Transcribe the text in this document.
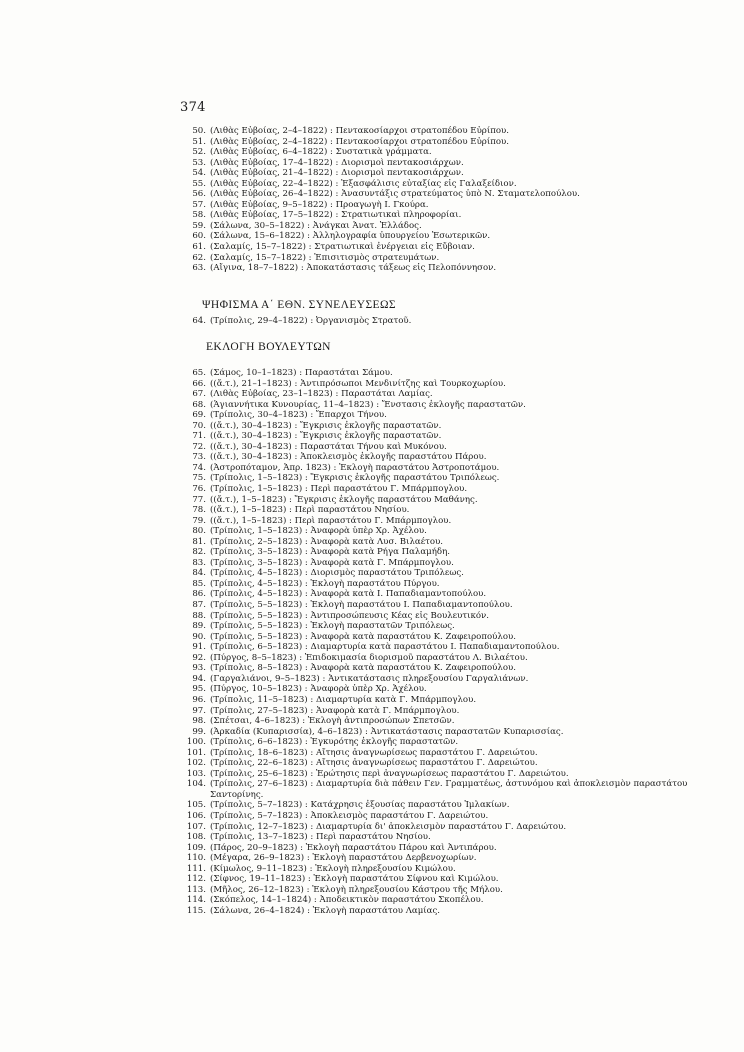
374
50. (Λιθὰς Εὐβοίας, 2–4–1822) : Πεντακοσίαρχοι στρατοπέδου Εὐρίπου.
51. (Λιθὰς Εὐβοίας, 2–4–1822) : Πεντακοσίαρχοι στρατοπέδου Εὐρίπου.
52. (Λιθὰς Εὐβοίας, 6–4–1822) : Συστατικὰ γράμματα.
53. (Λιθὰς Εὐβοίας, 17–4–1822) : Διορισμοὶ πεντακοσιάρχων.
54. (Λιθὰς Εὐβοίας, 21–4–1822) : Διορισμοὶ πεντακοσιάρχων.
55. (Λιθὰς Εὐβοίας, 22–4–1822) : Ἐξασφάλισις εὐταξίας εἰς Γαλαξείδιον.
56. (Λιθὰς Εὐβοίας, 26–4–1822) : Ἀνασυντάξις στρατεύματος ὑπὸ Ν. Σταματελοπούλου.
57. (Λιθὰς Εὐβοίας, 9–5–1822) : Προαγωγὴ Ι. Γκούρα.
58. (Λιθὰς Εὐβοίας, 17–5–1822) : Στρατιωτικαὶ πληροφορίαι.
59. (Σάλωνα, 30–5–1822) : Ἀνάγκαι Ἀνατ. Ἑλλάδος.
60. (Σάλωνα, 15–6–1822) : Ἀλληλογραφία ὑπουργείου Ἐσωτερικῶν.
61. (Σαλαμίς, 15–7–1822) : Στρατιωτικαὶ ἐνέργειαι εἰς Εὔβοιαν.
62. (Σαλαμίς, 15–7–1822) : Ἐπισιτισμὸς στρατευμάτων.
63. (Αἴγινα, 18–7–1822) : Ἀποκατάστασις τάξεως εἰς Πελοπόννησον.
ΨΗΦΙΣΜΑ Α΄ ΕΘΝ. ΣΥΝΕΛΕΥΣΕΩΣ
64. (Τρίπολις, 29–4–1822) : Ὀργανισμὸς Στρατοῦ.
ΕΚΛΟΓΗ ΒΟΥΛΕΥΤΩΝ
65. (Σάμος, 10–1–1823) : Παραστάται Σάμου.
66. ((ἄ.τ.), 21–1–1823) : Ἀντιπρόσωποι Μενδινίτζης καὶ Τουρκοχωρίου.
67. (Λιθὰς Εὐβοίας, 23–1–1823) : Παραστάται Λαμίας.
68. (Ἁγιαννήτικα Κυνουρίας, 11–4–1823) : Ἔνστασις ἐκλογῆς παραστατῶν.
69. (Τρίπολις, 30–4–1823) : Ἔπαρχοι Τήνου.
70. ((ἄ.τ.), 30–4–1823) : Ἔγκρισις ἐκλογῆς παραστατῶν.
71. ((ἄ.τ.), 30–4–1823) : Ἔγκρισις ἐκλογῆς παραστατῶν.
72. ((ἄ.τ.), 30–4–1823) : Παραστάται Τήνου καὶ Μυκόνου.
73. ((ἄ.τ.), 30–4–1823) : Ἀποκλεισμὸς ἐκλογῆς παραστάτου Πάρου.
74. (Ἀστροπόταμον, Ἀπρ. 1823) : Ἐκλογὴ παραστάτου Ἀστροποτάμου.
75. (Τρίπολις, 1–5–1823) : Ἔγκρισις ἐκλογῆς παραστάτου Τριπόλεως.
76. (Τρίπολις, 1–5–1823) : Περὶ παραστάτου Γ. Μπάρμπογλου.
77. ((ἄ.τ.), 1–5–1823) : Ἔγκρισις ἐκλογῆς παραστάτου Μαθάνης.
78. ((ἄ.τ.), 1–5–1823) : Περὶ παραστάτου Νησίου.
79. ((ἄ.τ.), 1–5–1823) : Περὶ παραστάτου Γ. Μπάρμπογλου.
80. (Τρίπολις, 1–5–1823) : Ἀναφορὰ ὑπὲρ Χρ. Ἀχέλου.
81. (Τρίπολις, 2–5–1823) : Ἀναφορὰ κατὰ Λυσ. Βιλαέτου.
82. (Τρίπολις, 3–5–1823) : Ἀναφορὰ κατὰ Ρήγα Παλαμήδη.
83. (Τρίπολις, 3–5–1823) : Ἀναφορὰ κατὰ Γ. Μπάρμπογλου.
84. (Τρίπολις, 4–5–1823) : Διορισμὸς παραστάτου Τριπόλεως.
85. (Τρίπολις, 4–5–1823) : Ἐκλογὴ παραστάτου Πύργου.
86. (Τρίπολις, 4–5–1823) : Ἀναφορὰ κατὰ Ι. Παπαδιαμαντοπούλου.
87. (Τρίπολις, 5–5–1823) : Ἐκλογὴ παραστάτου Ι. Παπαδιαμαντοπούλου.
88. (Τρίπολις, 5–5–1823) : Ἀντιπροσώπευσις Κέας εἰς Βουλευτικόν.
89. (Τρίπολις, 5–5–1823) : Ἐκλογὴ παραστατῶν Τριπόλεως.
90. (Τρίπολις, 5–5–1823) : Ἀναφορὰ κατὰ παραστάτου Κ. Ζαφειροπούλου.
91. (Τρίπολις, 6–5–1823) : Διαμαρτυρία κατὰ παραστάτου Ι. Παπαδιαμαντοπούλου.
92. (Πύργος, 8–5–1823) : Ἐπιδοκιμασία διορισμοῦ παραστάτου Λ. Βιλαέτου.
93. (Τρίπολις, 8–5–1823) : Ἀναφορὰ κατὰ παραστάτου Κ. Ζαφειροπούλου.
94. (Γαργαλιάνοι, 9–5–1823) : Ἀντικατάστασις πληρεξουσίου Γαργαλιάνων.
95. (Πύργος, 10–5–1823) : Ἀναφορὰ ὑπὲρ Χρ. Ἀχέλου.
96. (Τρίπολις, 11–5–1823) : Διαμαρτυρία κατὰ Γ. Μπάρμπογλου.
97. (Τρίπολις, 27–5–1823) : Ἀναφορὰ κατὰ Γ. Μπάρμπογλου.
98. (Σπέτσαι, 4–6–1823) : Ἐκλογὴ ἀντιπροσώπων Σπετσῶν.
99. (Ἀρκαδία (Κυπαρισσία), 4–6–1823) : Ἀντικατάστασις παραστατῶν Κυπαρισσίας.
100. (Τρίπολις, 6–6–1823) : Ἐγκυρότης ἐκλογῆς παραστατῶν.
101. (Τρίπολις, 18–6–1823) : Αἴτησις ἀναγνωρίσεως παραστάτου Γ. Δαρειώτου.
102. (Τρίπολις, 22–6–1823) : Αἴτησις ἀναγνωρίσεως παραστάτου Γ. Δαρειώτου.
103. (Τρίπολις, 25–6–1823) : Ἐρώτησις περὶ ἀναγνωρίσεως παραστάτου Γ. Δαρειώτου.
104. (Τρίπολις, 27–6–1823) : Διαμαρτυρία διὰ πάθειν Γεν. Γραμματέως, ἀστυνόμου καὶ ἀποκλεισμὸν παραστάτου Σαντορίνης.
105. (Τρίπολις, 5–7–1823) : Κατάχρησις ἐξουσίας παραστάτου Ἰμλακίων.
106. (Τρίπολις, 5–7–1823) : Ἀποκλεισμὸς παραστάτου Γ. Δαρειώτου.
107. (Τρίπολις, 12–7–1823) : Διαμαρτυρία δι' ἀποκλεισμὸν παραστάτου Γ. Δαρειώτου.
108. (Τρίπολις, 13–7–1823) : Περὶ παραστάτου Νησίου.
109. (Πάρος, 20–9–1823) : Ἐκλογὴ παραστάτου Πάρου καὶ Ἀντιπάρου.
110. (Μέγαρα, 26–9–1823) : Ἐκλογὴ παραστάτου Δερβενοχωρίων.
111. (Κίμωλος, 9–11–1823) : Ἐκλογὴ πληρεξουσίου Κιμώλου.
112. (Σίφνος, 19–11–1823) : Ἐκλογὴ παραστάτου Σίφνου καὶ Κιμώλου.
113. (Μῆλος, 26–12–1823) : Ἐκλογὴ πληρεξουσίου Κάστρου τῆς Μήλου.
114. (Σκόπελος, 14–1–1824) : Ἀποδεικτικὸν παραστάτου Σκοπέλου.
115. (Σάλωνα, 26–4–1824) : Ἐκλογὴ παραστάτου Λαμίας.
